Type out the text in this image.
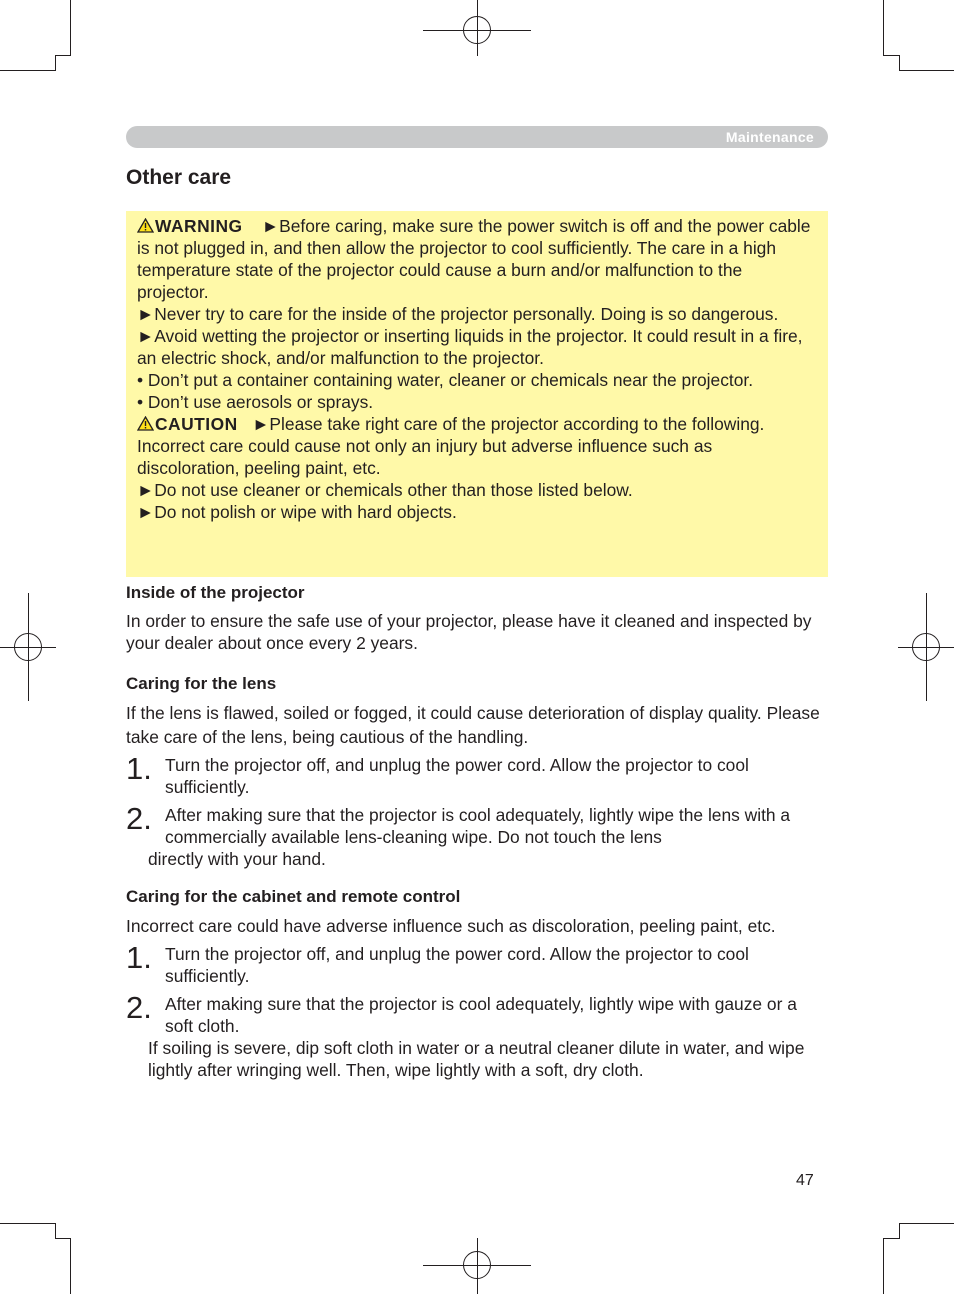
Maintenance
Other care

WARNING ►Before caring, make sure the power switch is off and the power cable is not plugged in, and then allow the projector to cool sufficiently. The care in a high temperature state of the projector could cause a burn and/or malfunction to the projector.

►Never try to care for the inside of the projector personally. Doing is so dangerous.

►Avoid wetting the projector or inserting liquids in the projector. It could result in a fire, an electric shock, and/or malfunction to the projector.

• Don’t put a container containing water, cleaner or chemicals near the projector.

• Don’t use aerosols or sprays.

CAUTION ►Please take right care of the projector according to the following. Incorrect care could cause not only an injury but adverse influence such as discoloration, peeling paint, etc.

►Do not use cleaner or chemicals other than those listed below.

►Do not polish or wipe with hard objects.

Inside of the projector

In order to ensure the safe use of your projector, please have it cleaned and inspected by your dealer about once every 2 years.

Caring for the lens

If the lens is flawed, soiled or fogged, it could cause deterioration of display quality. Please take care of the lens, being cautious of the handling.

1. Turn the projector off, and unplug the power cord. Allow the projector to cool sufficiently.

2. After making sure that the projector is cool adequately, lightly wipe the lens with a commercially available lens-cleaning wipe. Do not touch the lens

directly with your hand.

Caring for the cabinet and remote control

Incorrect care could have adverse influence such as discoloration, peeling paint, etc.

1. Turn the projector off, and unplug the power cord. Allow the projector to cool sufficiently.

2. After making sure that the projector is cool adequately, lightly wipe with gauze or a soft cloth.

If soiling is severe, dip soft cloth in water or a neutral cleaner dilute in water, and wipe lightly after wringing well. Then, wipe lightly with a soft, dry cloth.

47
